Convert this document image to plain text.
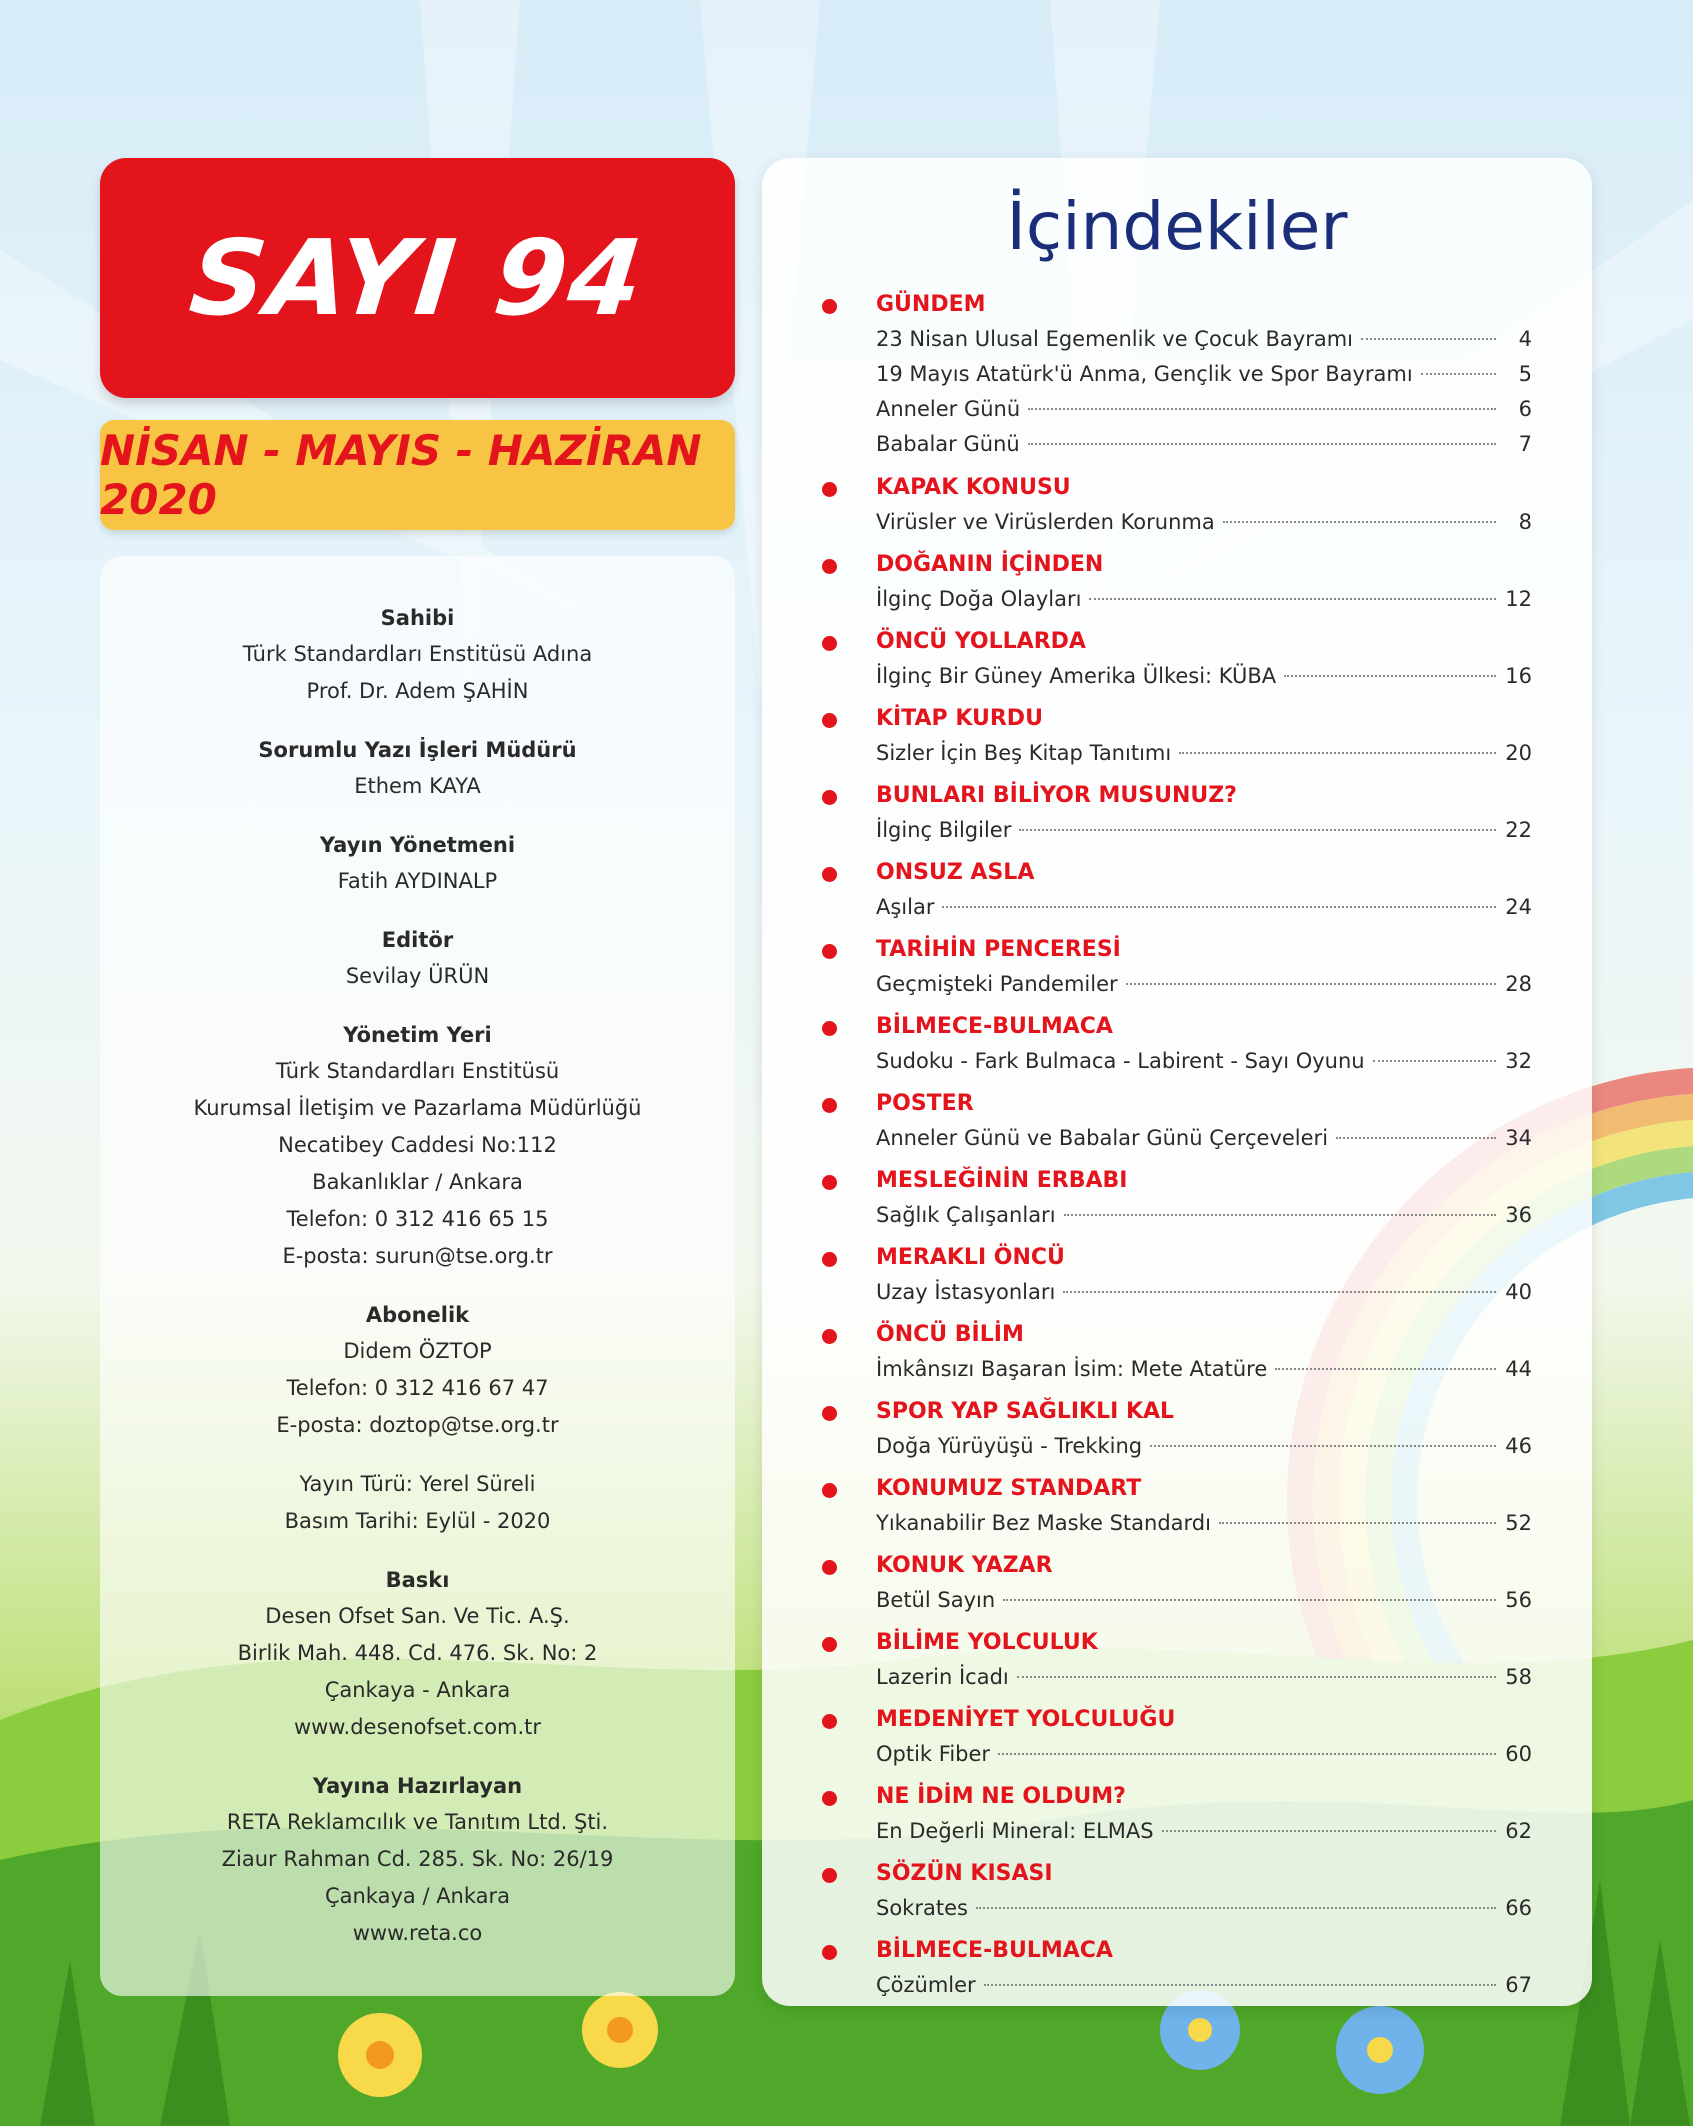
SAYI 94
NİSAN - MAYIS - HAZİRAN 2020
Sahibi
Türk Standardları Enstitüsü Adına
Prof. Dr. Adem ŞAHİN
Sorumlu Yazı İşleri Müdürü
Ethem KAYA
Yayın Yönetmeni
Fatih AYDINALP
Editör
Sevilay ÜRÜN
Yönetim Yeri
Türk Standardları Enstitüsü
Kurumsal İletişim ve Pazarlama Müdürlüğü
Necatibey Caddesi No:112
Bakanlıklar / Ankara
Telefon: 0 312 416 65 15
E-posta: surun@tse.org.tr
Abonelik
Didem ÖZTOP
Telefon: 0 312 416 67 47
E-posta: doztop@tse.org.tr
Yayın Türü: Yerel Süreli
Basım Tarihi: Eylül - 2020
Baskı
Desen Ofset San. Ve Tic. A.Ş.
Birlik Mah. 448. Cd. 476. Sk. No: 2
Çankaya - Ankara
www.desenofset.com.tr
Yayına Hazırlayan
RETA Reklamcılık ve Tanıtım Ltd. Şti.
Ziaur Rahman Cd. 285. Sk. No: 26/19
Çankaya / Ankara
www.reta.co
İçindekiler
GÜNDEM
23 Nisan Ulusal Egemenlik ve Çocuk Bayramı	4
19 Mayıs Atatürk'ü Anma, Gençlik ve Spor Bayramı	5
Anneler Günü	6
Babalar Günü	7
KAPAK KONUSU
Virüsler ve Virüslerden Korunma	8
DOĞANIN İÇİNDEN
İlginç Doğa Olayları	12
ÖNCÜ YOLLARDA
İlginç Bir Güney Amerika Ülkesi: KÜBA	16
KİTAP KURDU
Sizler İçin Beş Kitap Tanıtımı	20
BUNLARI BİLİYOR MUSUNUZ?
İlginç Bilgiler	22
ONSUZ ASLA
Aşılar	24
TARİHİN PENCERESİ
Geçmişteki Pandemiler	28
BİLMECE-BULMACA
Sudoku - Fark Bulmaca - Labirent - Sayı Oyunu	32
POSTER
Anneler Günü ve Babalar Günü Çerçeveleri	34
MESLEĞİNİN ERBABI
Sağlık Çalışanları	36
MERAKLI ÖNCÜ
Uzay İstasyonları	40
ÖNCÜ BİLİM
İmkânsızı Başaran İsim: Mete Atatüre	44
SPOR YAP SAĞLIKLI KAL
Doğa Yürüyüşü - Trekking	46
KONUMUZ STANDART
Yıkanabilir Bez Maske Standardı	52
KONUK YAZAR
Betül Sayın	56
BİLİME YOLCULUK
Lazerin İcadı	58
MEDENİYET YOLCULUĞU
Optik Fiber	60
NE İDİM NE OLDUM?
En Değerli Mineral: ELMAS	62
SÖZÜN KISASI
Sokrates	66
BİLMECE-BULMACA
Çözümler	67
